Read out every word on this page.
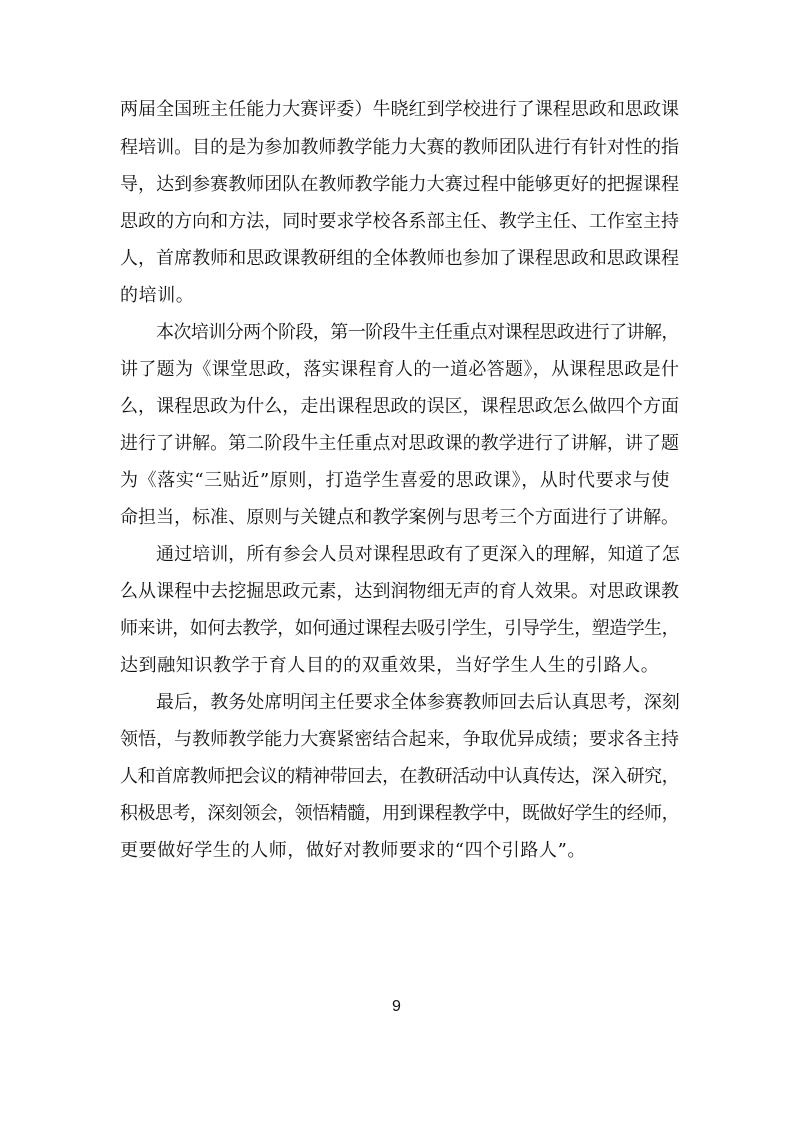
两届全国班主任能力大赛评委）牛晓红到学校进行了课程思政和思政课
程培训。目的是为参加教师教学能力大赛的教师团队进行有针对性的指
导，达到参赛教师团队在教师教学能力大赛过程中能够更好的把握课程
思政的方向和方法，同时要求学校各系部主任、教学主任、工作室主持
人，首席教师和思政课教研组的全体教师也参加了课程思政和思政课程
的培训。
本次培训分两个阶段，第一阶段牛主任重点对课程思政进行了讲解，
讲了题为《课堂思政，落实课程育人的一道必答题》，从课程思政是什
么，课程思政为什么，走出课程思政的误区，课程思政怎么做四个方面
进行了讲解。第二阶段牛主任重点对思政课的教学进行了讲解，讲了题
为《落实“三贴近”原则，打造学生喜爱的思政课》，从时代要求与使
命担当，标准、原则与关键点和教学案例与思考三个方面进行了讲解。
通过培训，所有参会人员对课程思政有了更深入的理解，知道了怎
么从课程中去挖掘思政元素，达到润物细无声的育人效果。对思政课教
师来讲，如何去教学，如何通过课程去吸引学生，引导学生，塑造学生，
达到融知识教学于育人目的的双重效果，当好学生人生的引路人。
最后，教务处席明闰主任要求全体参赛教师回去后认真思考，深刻
领悟，与教师教学能力大赛紧密结合起来，争取优异成绩；要求各主持
人和首席教师把会议的精神带回去，在教研活动中认真传达，深入研究，
积极思考，深刻领会，领悟精髓，用到课程教学中，既做好学生的经师，
更要做好学生的人师，做好对教师要求的“四个引路人”。
9
